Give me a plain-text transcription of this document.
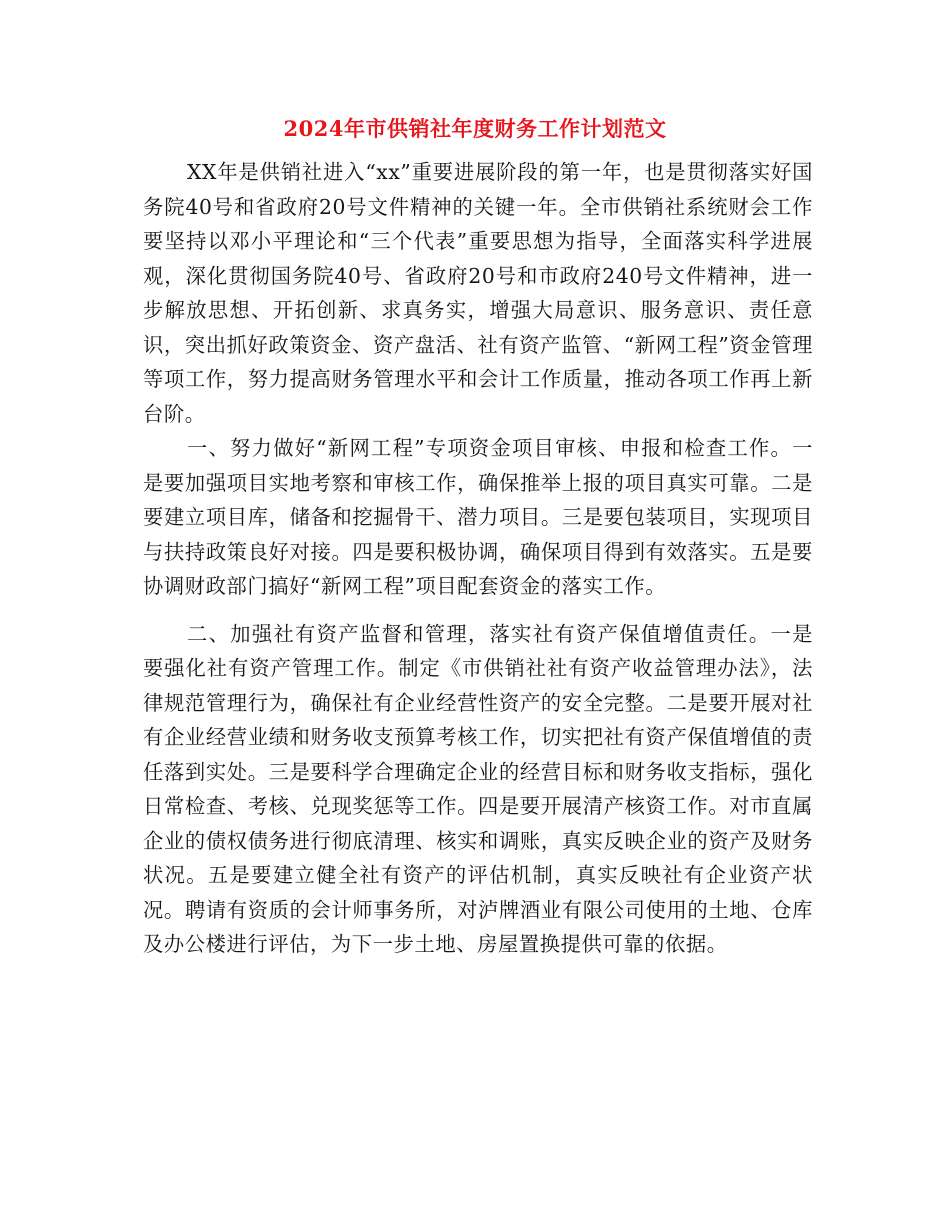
2024年市供销社年度财务工作计划范文

XX年是供销社进入“xx”重要进展阶段的第一年，也是贯彻落实好国务院40号和省政府20号文件精神的关键一年。全市供销社系统财会工作要坚持以邓小平理论和“三个代表”重要思想为指导，全面落实科学进展观，深化贯彻国务院40号、省政府20号和市政府240号文件精神，进一步解放思想、开拓创新、求真务实，增强大局意识、服务意识、责任意识，突出抓好政策资金、资产盘活、社有资产监管、“新网工程”资金管理等项工作，努力提高财务管理水平和会计工作质量，推动各项工作再上新台阶。

一、努力做好“新网工程”专项资金项目审核、申报和检查工作。一是要加强项目实地考察和审核工作，确保推举上报的项目真实可靠。二是要建立项目库，储备和挖掘骨干、潜力项目。三是要包装项目，实现项目与扶持政策良好对接。四是要积极协调，确保项目得到有效落实。五是要协调财政部门搞好“新网工程”项目配套资金的落实工作。

二、加强社有资产监督和管理，落实社有资产保值增值责任。一是要强化社有资产管理工作。制定《市供销社社有资产收益管理办法》，法律规范管理行为，确保社有企业经营性资产的安全完整。二是要开展对社有企业经营业绩和财务收支预算考核工作，切实把社有资产保值增值的责任落到实处。三是要科学合理确定企业的经营目标和财务收支指标，强化日常检查、考核、兑现奖惩等工作。四是要开展清产核资工作。对市直属企业的债权债务进行彻底清理、核实和调账，真实反映企业的资产及财务状况。五是要建立健全社有资产的评估机制，真实反映社有企业资产状况。聘请有资质的会计师事务所，对泸牌酒业有限公司使用的土地、仓库及办公楼进行评估，为下一步土地、房屋置换提供可靠的依据。
